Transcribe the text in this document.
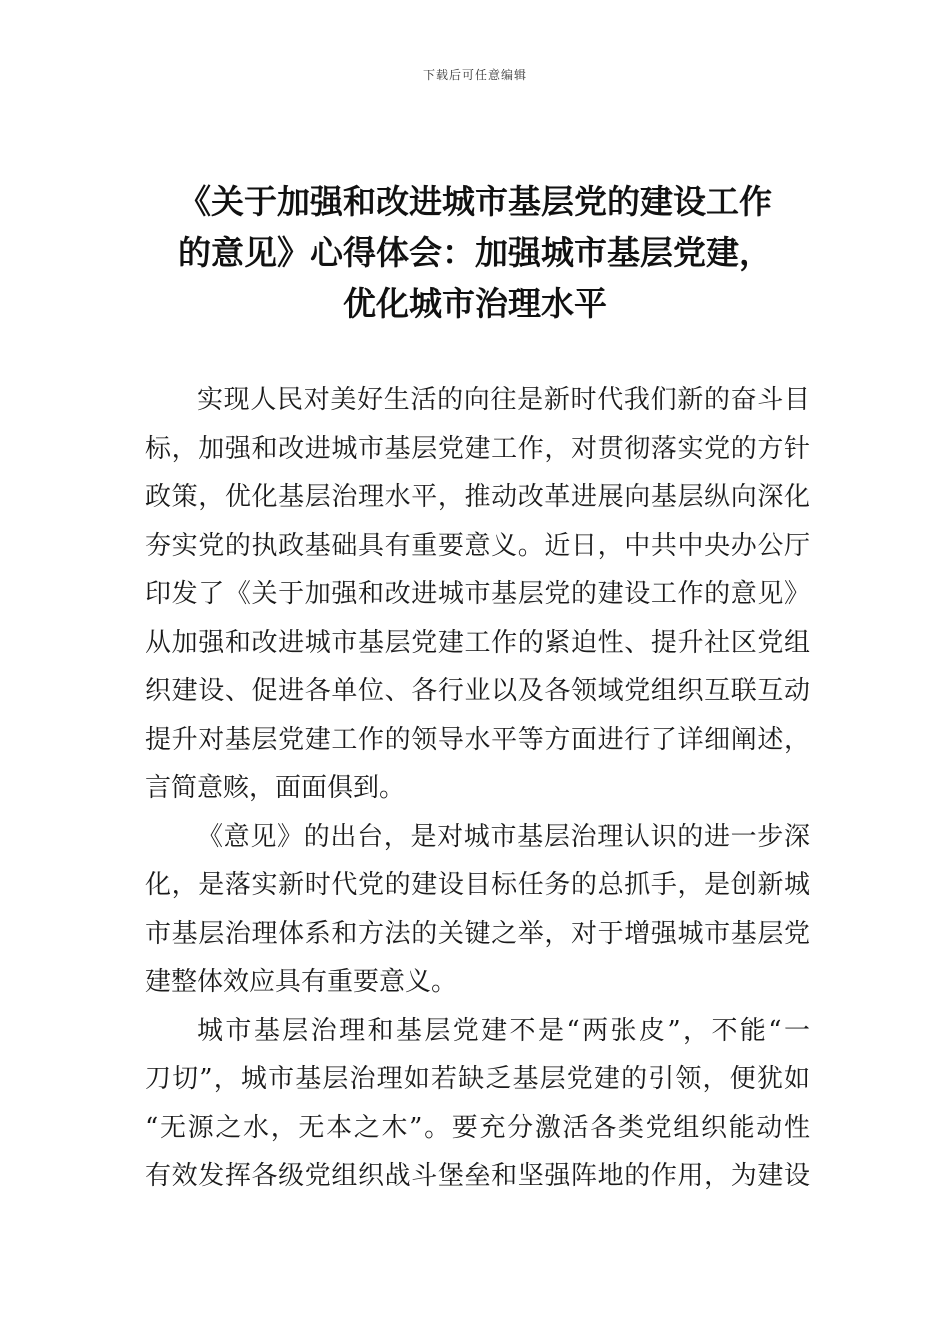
下载后可任意编辑
《关于加强和改进城市基层党的建设工作
的意见》心得体会：加强城市基层党建，
优化城市治理水平
实现人民对美好生活的向往是新时代我们新的奋斗目
标，加强和改进城市基层党建工作，对贯彻落实党的方针
政策，优化基层治理水平，推动改革进展向基层纵向深化
夯实党的执政基础具有重要意义。近日，中共中央办公厅
印发了《关于加强和改进城市基层党的建设工作的意见》
从加强和改进城市基层党建工作的紧迫性、提升社区党组
织建设、促进各单位、各行业以及各领域党组织互联互动
提升对基层党建工作的领导水平等方面进行了详细阐述，
言简意赅，面面俱到。
《意见》的出台，是对城市基层治理认识的进一步深
化，是落实新时代党的建设目标任务的总抓手，是创新城
市基层治理体系和方法的关键之举，对于增强城市基层党
建整体效应具有重要意义。
城市基层治理和基层党建不是“两张皮”，不能“一
刀切”，城市基层治理如若缺乏基层党建的引领，便犹如
“无源之水，无本之木”。要充分激活各类党组织能动性
有效发挥各级党组织战斗堡垒和坚强阵地的作用，为建设
